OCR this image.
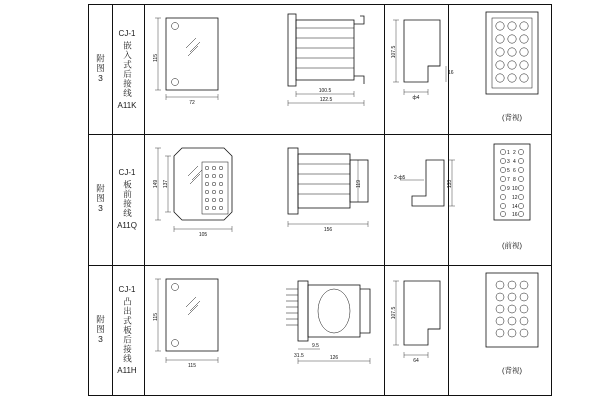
附图3
CJ-1
嵌入式后接线
A11K
115
72
100.5
122.5
107.5
16
ф4
(背视)
附图3
CJ-1
板前接线
A11Q
149 137
105
119
156
133
2-ф5
2
4
6
8
10
12
14
16
1
3
5
7
9
(前视)
附图3
CJ-1
凸出式板后接线
A11H
115
115
31.5
9.5
126
107.5
64
(背视)
